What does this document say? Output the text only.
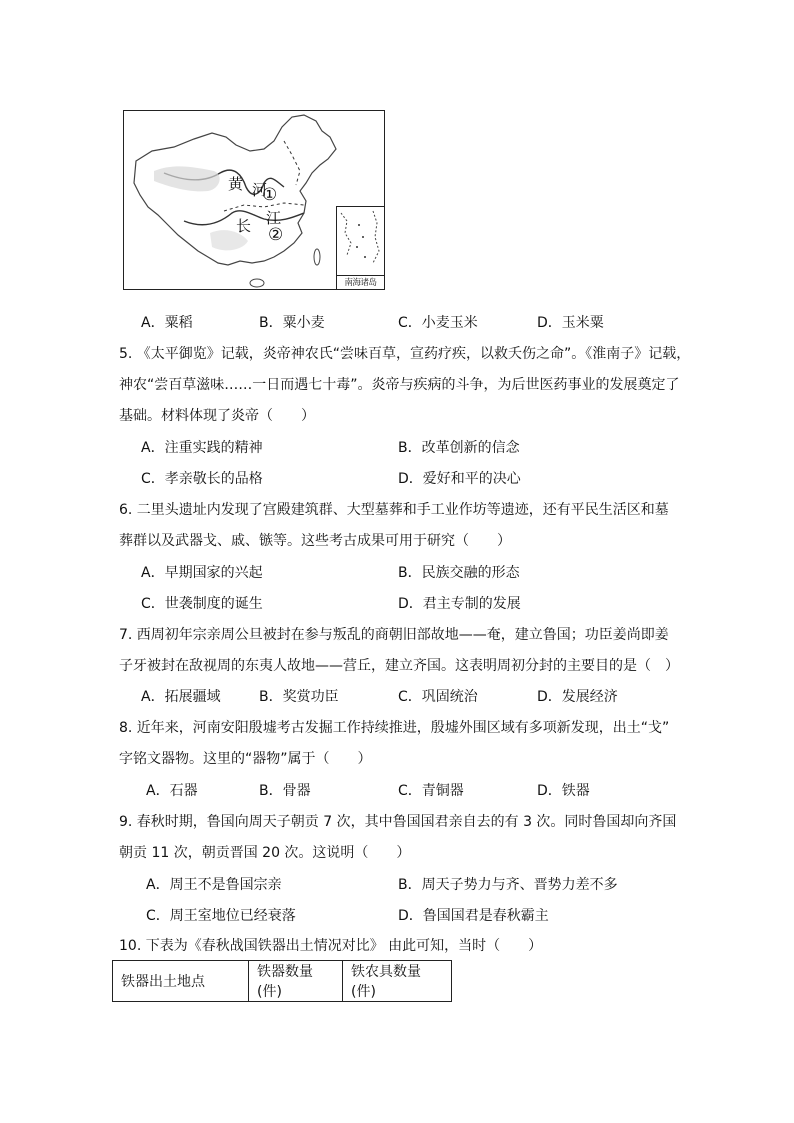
黄 河
长 江
①
②
南海诸岛
A．粟稻	B．粟小麦	C．小麦玉米	D．玉米粟
5. 《太平御览》记载，炎帝神农氏“尝味百草，宣药疗疾，以救夭伤之命”。《淮南子》记载，
神农“尝百草滋味……一日而遇七十毒”。炎帝与疾病的斗争，为后世医药事业的发展奠定了
基础。材料体现了炎帝（　　）
A．注重实践的精神	B．改革创新的信念
C．孝亲敬长的品格	D．爱好和平的决心
6. 二里头遗址内发现了宫殿建筑群、大型墓葬和手工业作坊等遗迹，还有平民生活区和墓
葬群以及武器戈、戚、镞等。这些考古成果可用于研究（　　）
A．早期国家的兴起	B．民族交融的形态
C．世袭制度的诞生	D．君主专制的发展
7. 西周初年宗亲周公旦被封在参与叛乱的商朝旧部故地——奄，建立鲁国；功臣姜尚即姜
子牙被封在敌视周的东夷人故地——营丘，建立齐国。这表明周初分封的主要目的是（　）
A．拓展疆域	B．奖赏功臣	C．巩固统治	D．发展经济
8. 近年来，河南安阳殷墟考古发掘工作持续推进，殷墟外围区域有多项新发现，出土“戈”
字铭文器物。这里的“器物”属于（　　）
A．石器	B．骨器	C．青铜器	D．铁器
9. 春秋时期，鲁国向周天子朝贡 7 次，其中鲁国国君亲自去的有 3 次。同时鲁国却向齐国
朝贡 11 次，朝贡晋国 20 次。这说明（　　）
A．周王不是鲁国宗亲	B．周天子势力与齐、晋势力差不多
C．周王室地位已经衰落	D．鲁国国君是春秋霸主
10. 下表为《春秋战国铁器出土情况对比》 由此可知，当时（　　）
铁器出土地点	铁器数量(件)	铁农具数量(件)
